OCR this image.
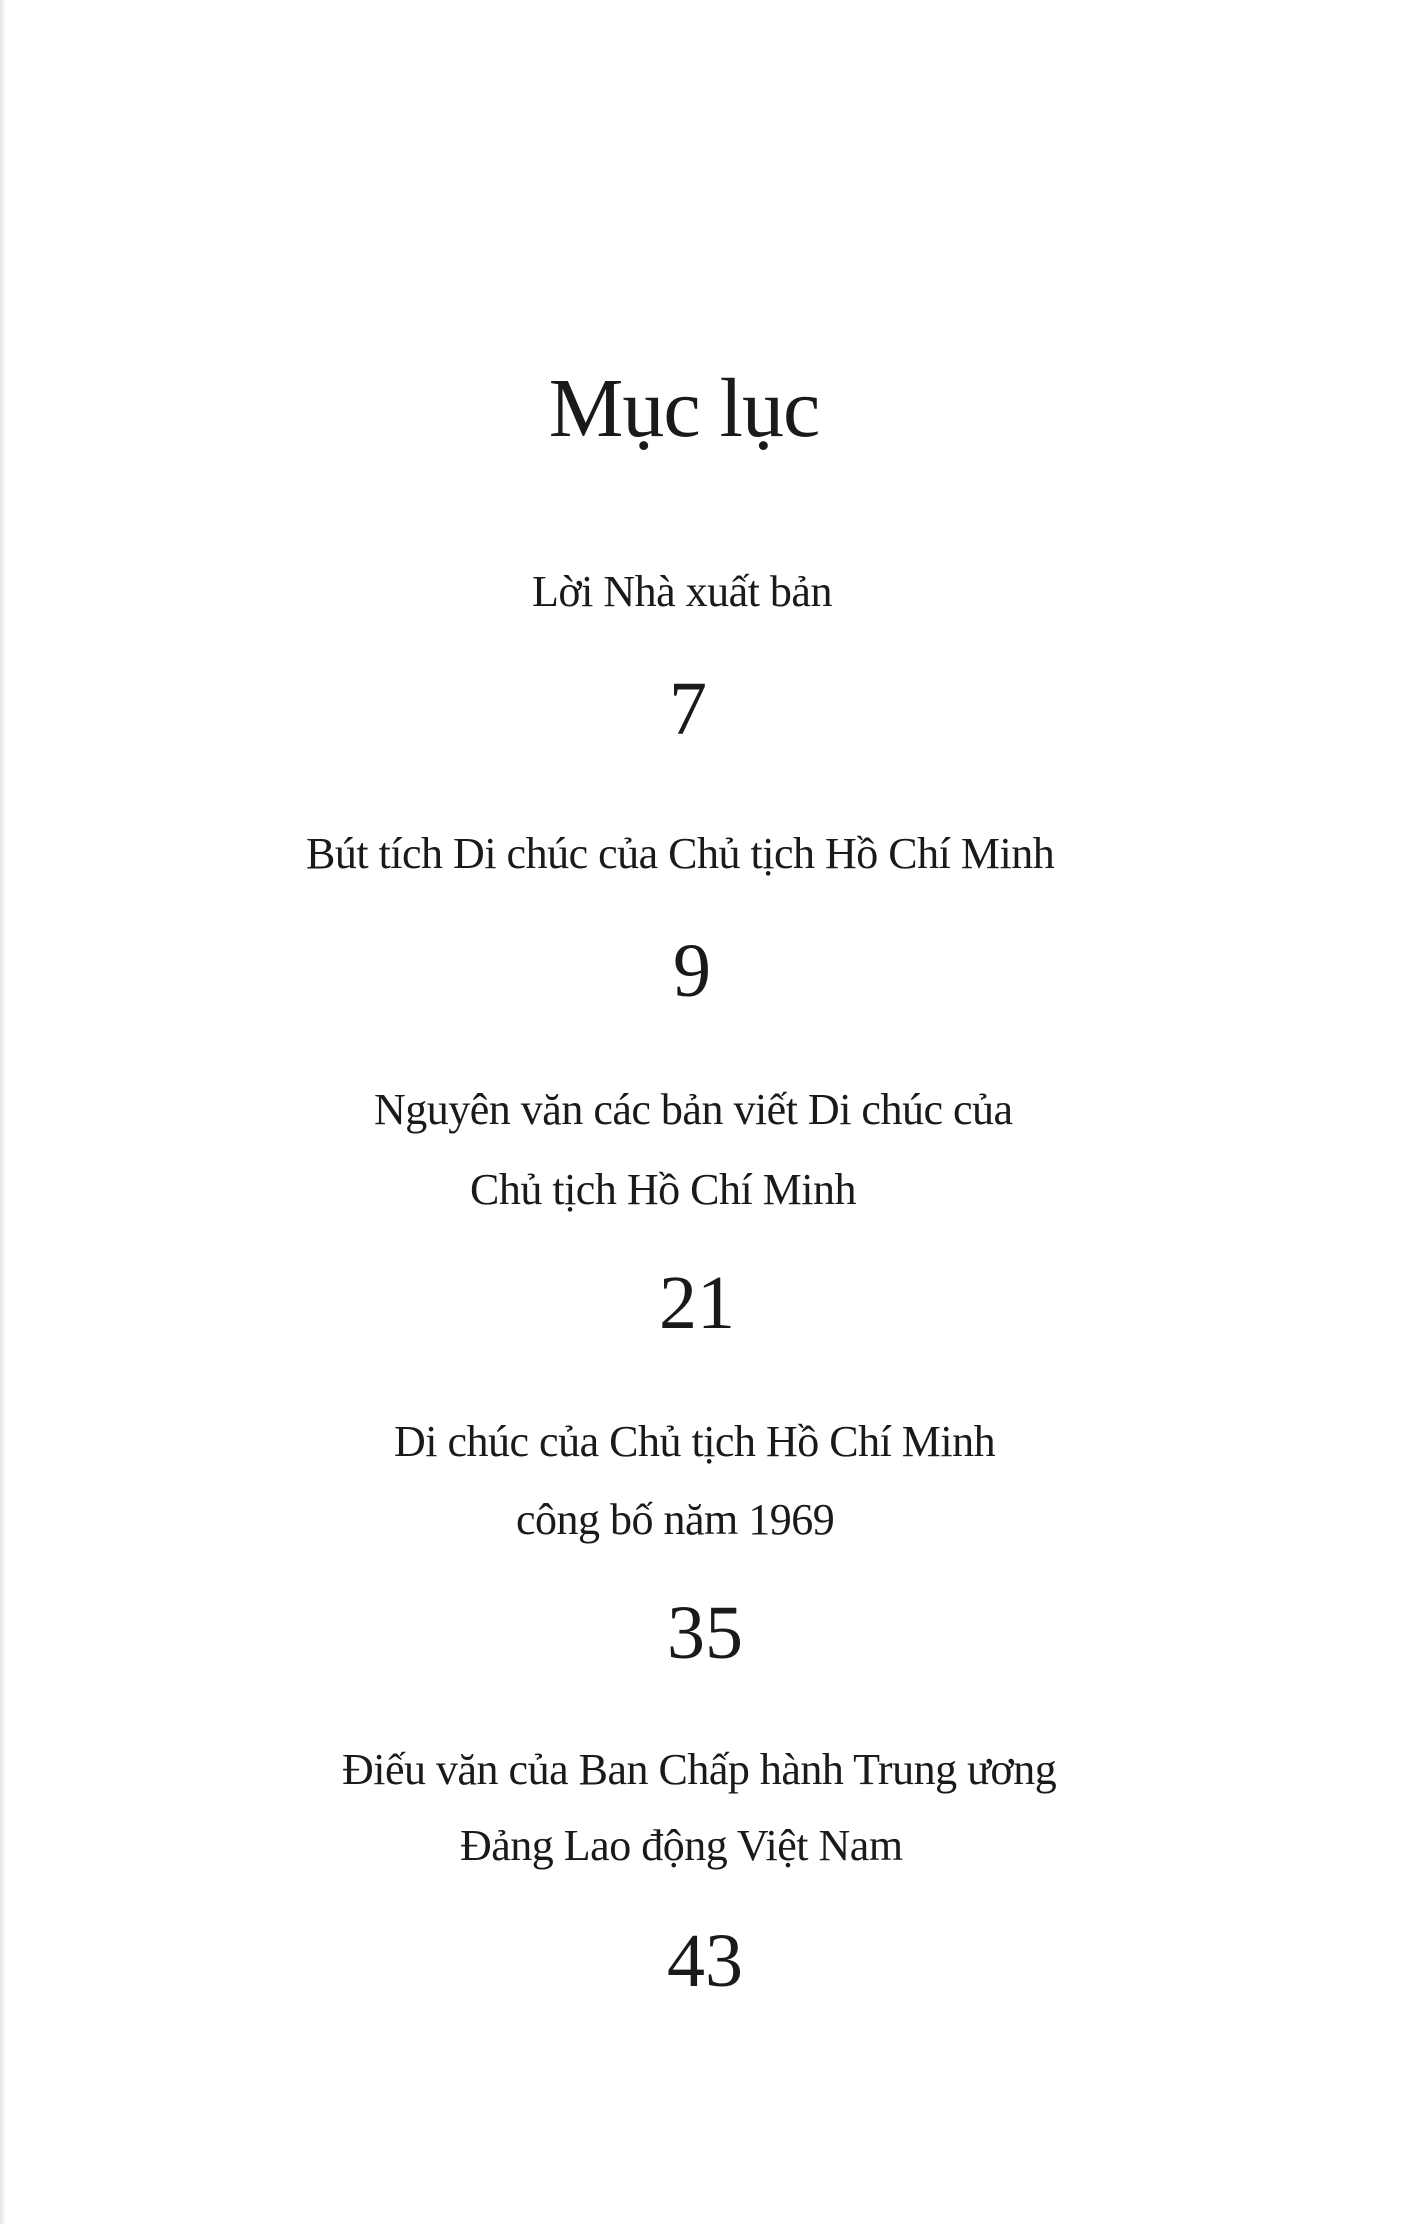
Mục lục

Lời Nhà xuất bản

7

Bút tích Di chúc của Chủ tịch Hồ Chí Minh

9

Nguyên văn các bản viết Di chúc của

Chủ tịch Hồ Chí Minh

21

Di chúc của Chủ tịch Hồ Chí Minh

công bố năm 1969

35

Điếu văn của Ban Chấp hành Trung ương

Đảng Lao động Việt Nam

43
